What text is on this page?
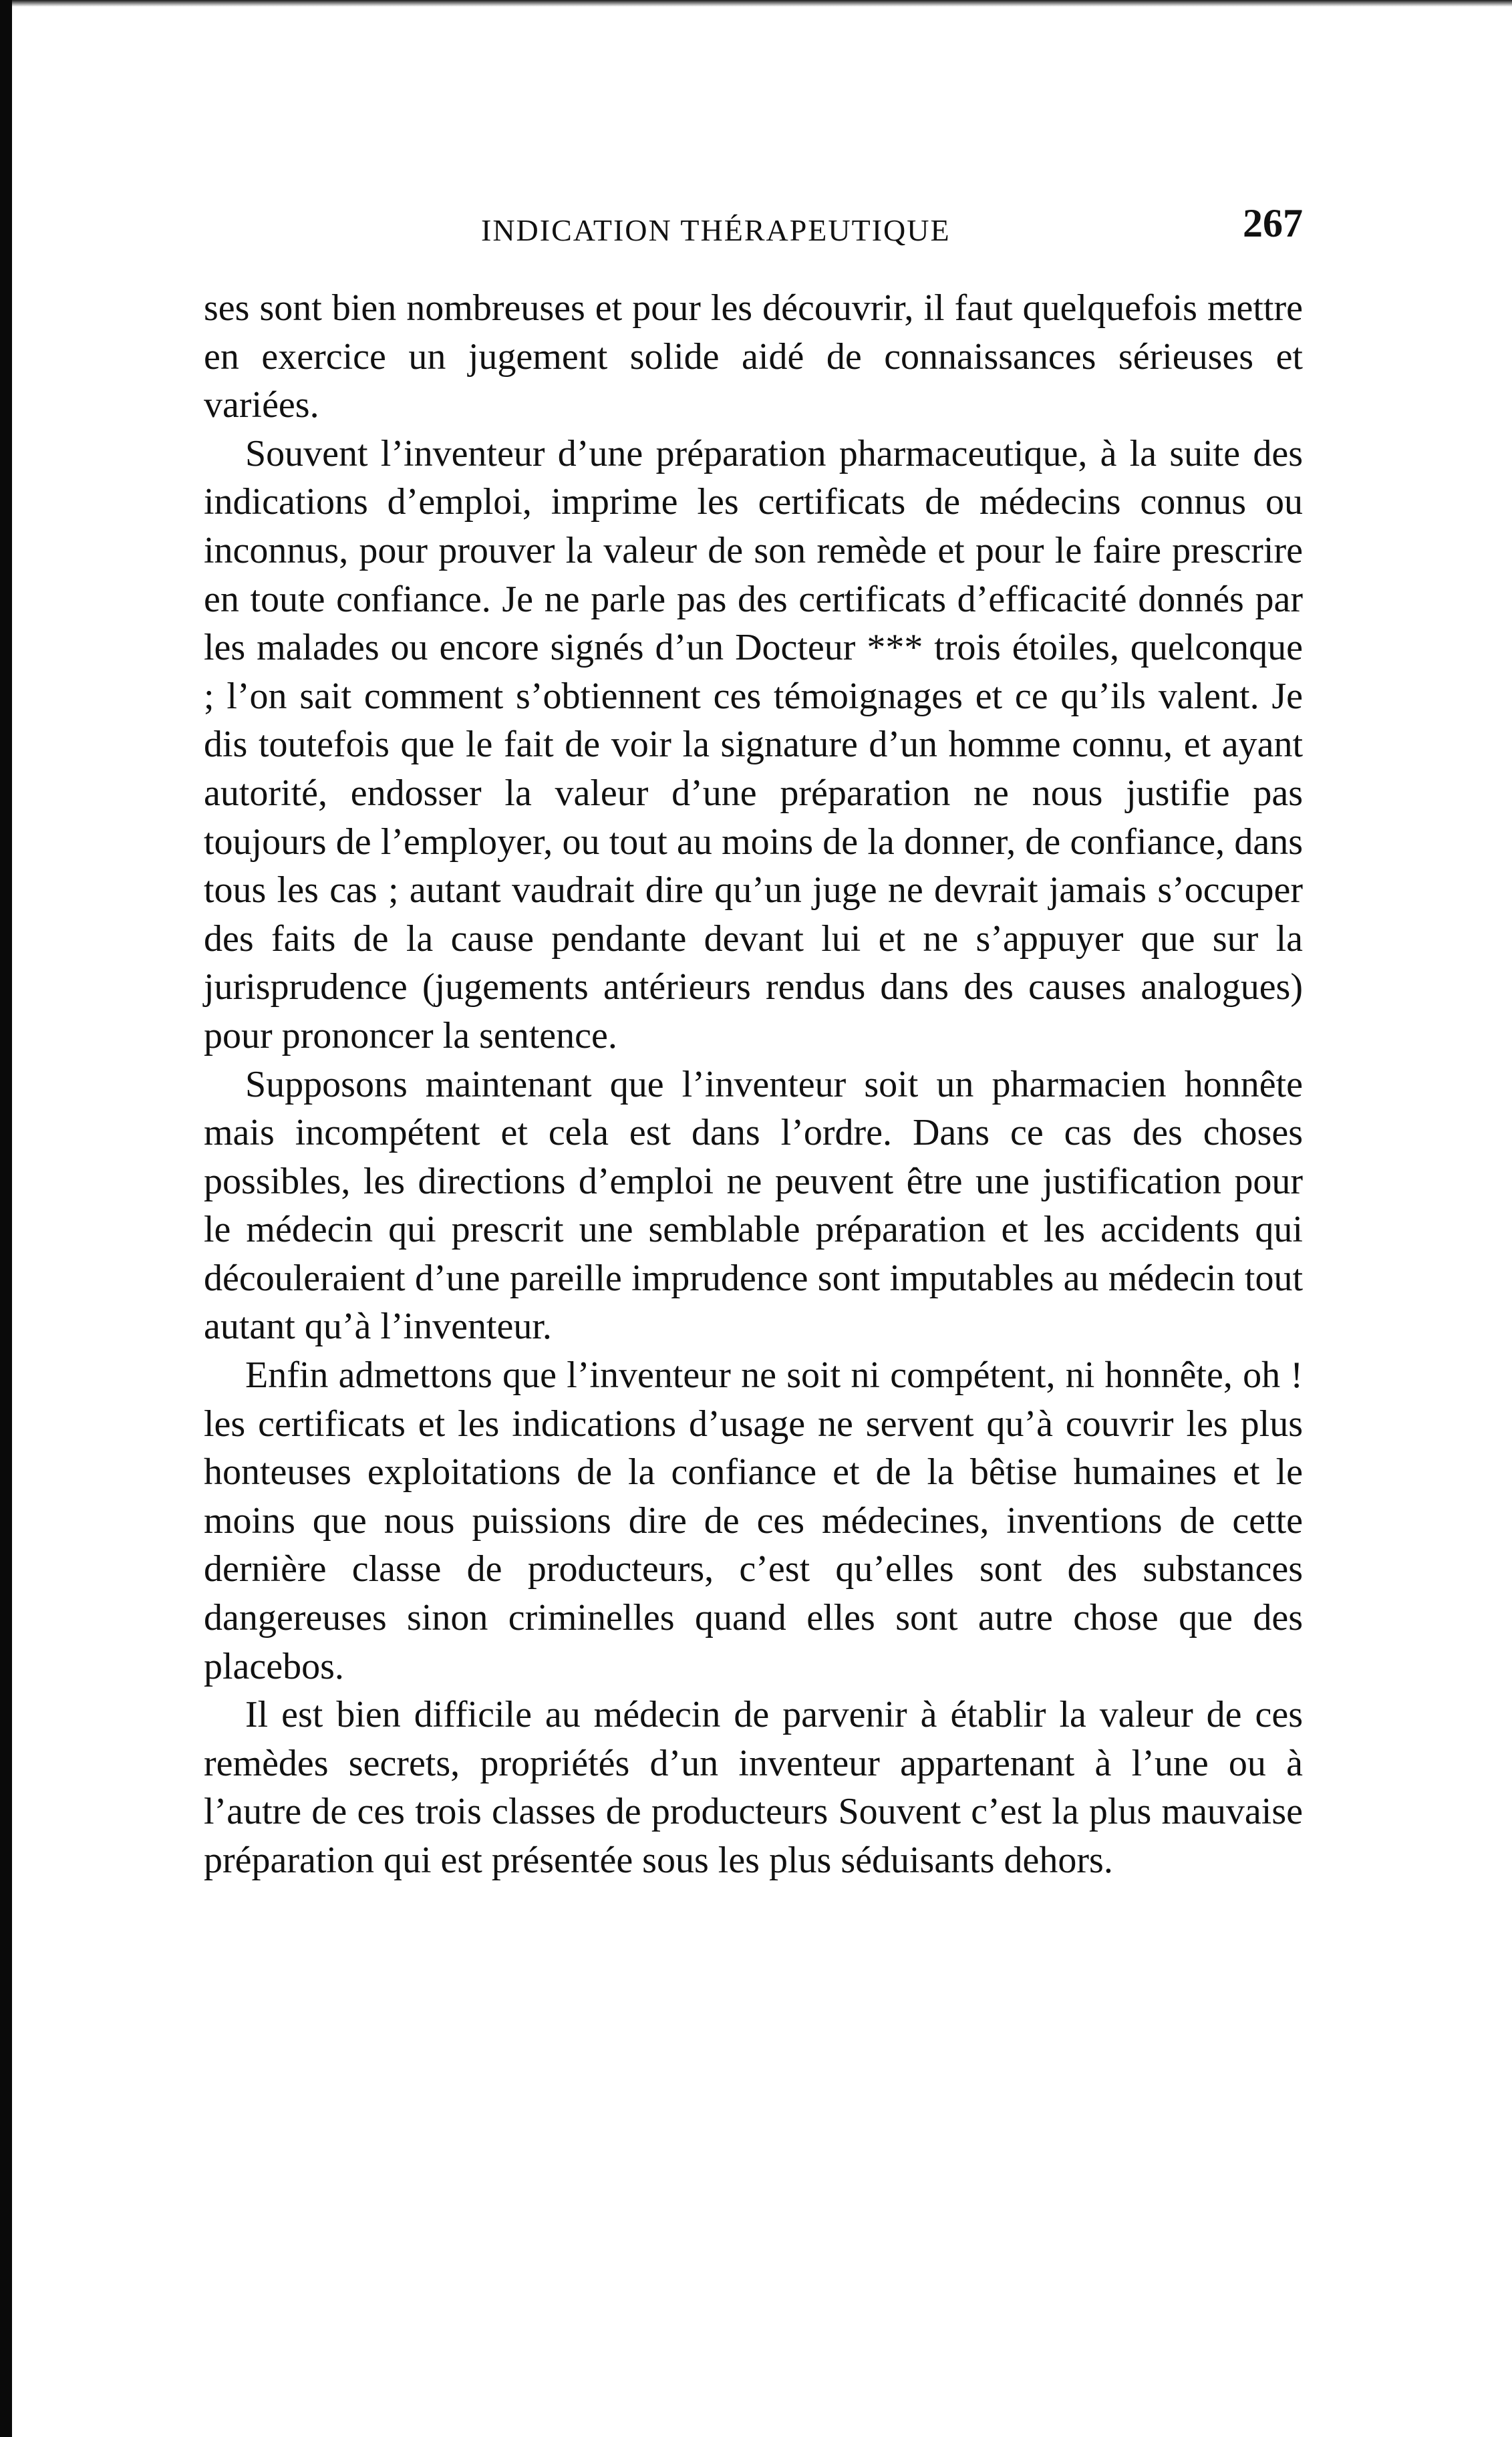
INDICATION THÉRAPEUTIQUE	267

ses sont bien nombreuses et pour les découvrir, il faut quelquefois mettre en exercice un jugement solide aidé de connaissances sérieuses et variées.

Souvent l’inventeur d’une préparation pharmaceutique, à la suite des indications d’emploi, imprime les certificats de médecins connus ou inconnus, pour prouver la valeur de son remède et pour le faire prescrire en toute confiance. Je ne parle pas des certificats d’efficacité donnés par les malades ou encore signés d’un Docteur *** trois étoiles, quelconque ; l’on sait comment s’obtiennent ces témoignages et ce qu’ils valent. Je dis toutefois que le fait de voir la signature d’un homme connu, et ayant autorité, endosser la valeur d’une préparation ne nous justifie pas toujours de l’employer, ou tout au moins de la donner, de confiance, dans tous les cas ; autant vaudrait dire qu’un juge ne devrait jamais s’occuper des faits de la cause pendante devant lui et ne s’appuyer que sur la jurisprudence (jugements antérieurs rendus dans des causes analogues) pour prononcer la sentence.

Supposons maintenant que l’inventeur soit un pharmacien honnête mais incompétent et cela est dans l’ordre. Dans ce cas des choses possibles, les directions d’emploi ne peuvent être une justification pour le médecin qui prescrit une semblable préparation et les accidents qui découleraient d’une pareille imprudence sont imputables au médecin tout autant qu’à l’inventeur.

Enfin admettons que l’inventeur ne soit ni compétent, ni honnête, oh ! les certificats et les indications d’usage ne servent qu’à couvrir les plus honteuses exploitations de la confiance et de la bêtise humaines et le moins que nous puissions dire de ces médecines, inventions de cette dernière classe de producteurs, c’est qu’elles sont des substances dangereuses sinon criminelles quand elles sont autre chose que des placebos.

Il est bien difficile au médecin de parvenir à établir la valeur de ces remèdes secrets, propriétés d’un inventeur appartenant à l’une ou à l’autre de ces trois classes de producteurs Souvent c’est la plus mauvaise préparation qui est présentée sous les plus séduisants dehors.
